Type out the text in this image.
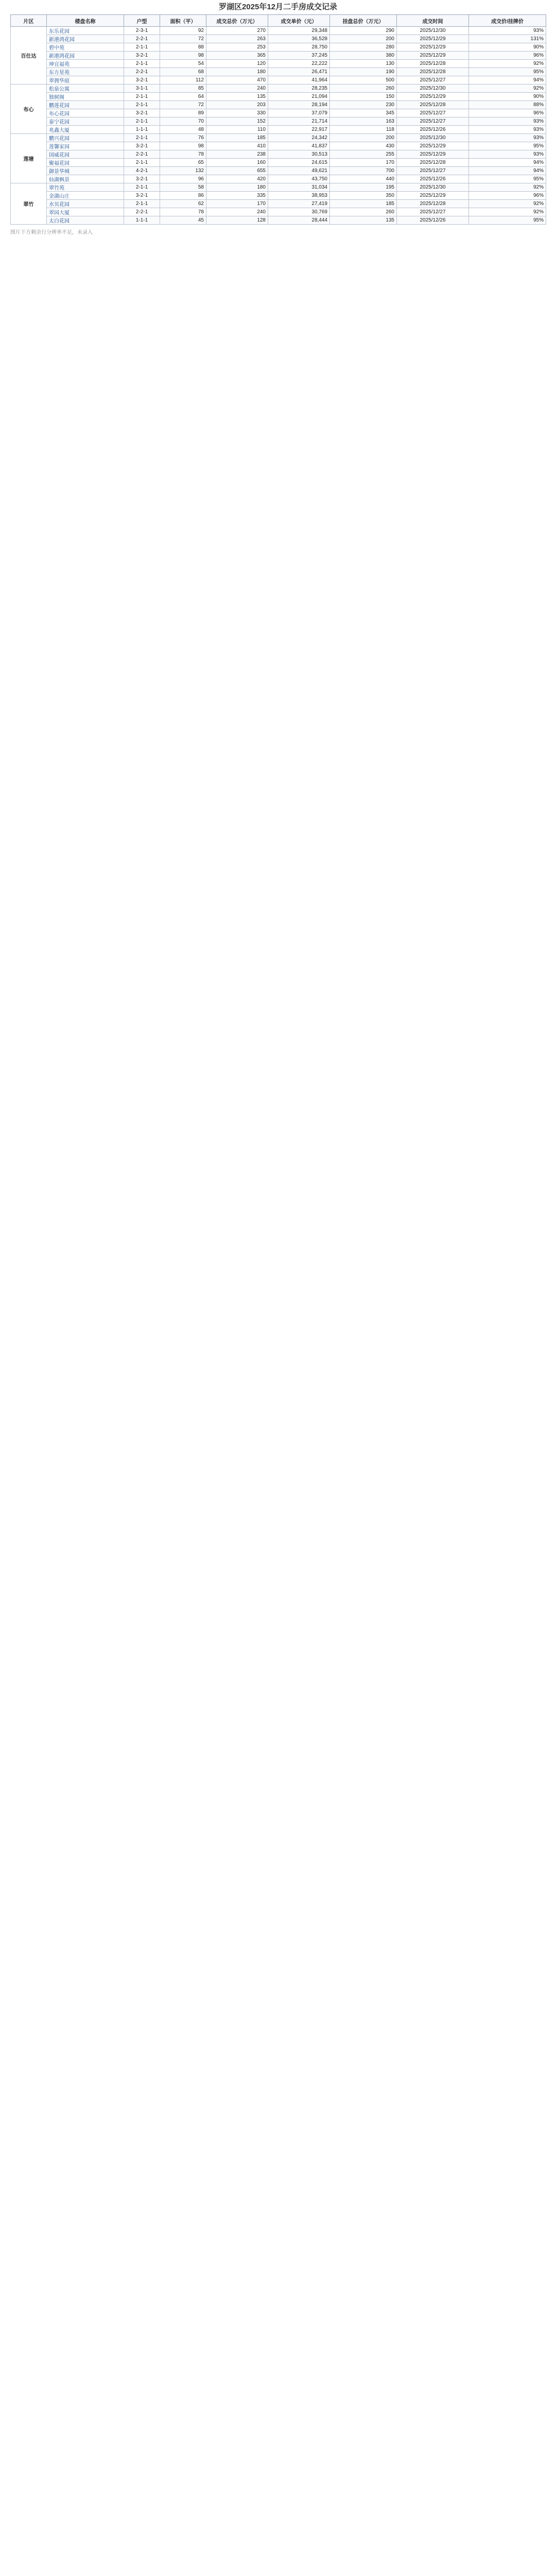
罗湖区2025年12月二手房成交记录
片区	楼盘名称	户型	面积（平）	成交总价（万元）	成交单价（元）	挂盘总价（万元）	成交时间	成交价/挂牌价
百仕达	东乐花园	2-3-1	92	270	29,348	290	2025/12/30	93%
	新港鸿花园	2-2-1	72	263	36,528	200	2025/12/29	131%
	碧中苑	2-1-1	88	253	28,750	280	2025/12/29	90%
	新港鸿花园	3-2-1	98	365	37,245	380	2025/12/29	96%
	坤宜福苑	2-1-1	54	120	22,222	130	2025/12/28	92%
	东方星苑	2-2-1	68	180	26,471	190	2025/12/28	95%
	翠拥华庭	3-2-1	112	470	41,964	500	2025/12/27	94%
布心	松泉公寓	3-1-1	85	240	28,235	260	2025/12/30	92%
	独树阁	2-1-1	64	135	21,094	150	2025/12/29	90%
	鹏莲花园	2-1-1	72	203	28,194	230	2025/12/28	88%
	布心花园	3-2-1	89	330	37,079	345	2025/12/27	96%
	泰宁花园	2-1-1	70	152	21,714	163	2025/12/27	93%
	兆鑫大厦	1-1-1	48	110	22,917	118	2025/12/26	93%
莲塘	鹏兴花园	2-1-1	76	185	24,342	200	2025/12/30	93%
	莲馨家园	3-2-1	98	410	41,837	430	2025/12/29	95%
	国威花园	2-2-1	78	238	30,513	255	2025/12/29	93%
	聚福花园	2-1-1	65	160	24,615	170	2025/12/28	94%
	御景华城	4-2-1	132	655	49,621	700	2025/12/27	94%
	仙湖枫景	3-2-1	96	420	43,750	440	2025/12/26	95%
翠竹	翠竹苑	2-1-1	58	180	31,034	195	2025/12/30	92%
	金湖山庄	3-2-1	86	335	38,953	350	2025/12/29	96%
	水贝花园	2-1-1	62	170	27,419	185	2025/12/28	92%
	翠园大厦	2-2-1	78	240	30,769	260	2025/12/27	92%
	太白花园	1-1-1	45	128	28,444	135	2025/12/26	95%
图片下方剩余行分辨率不足，未录入
